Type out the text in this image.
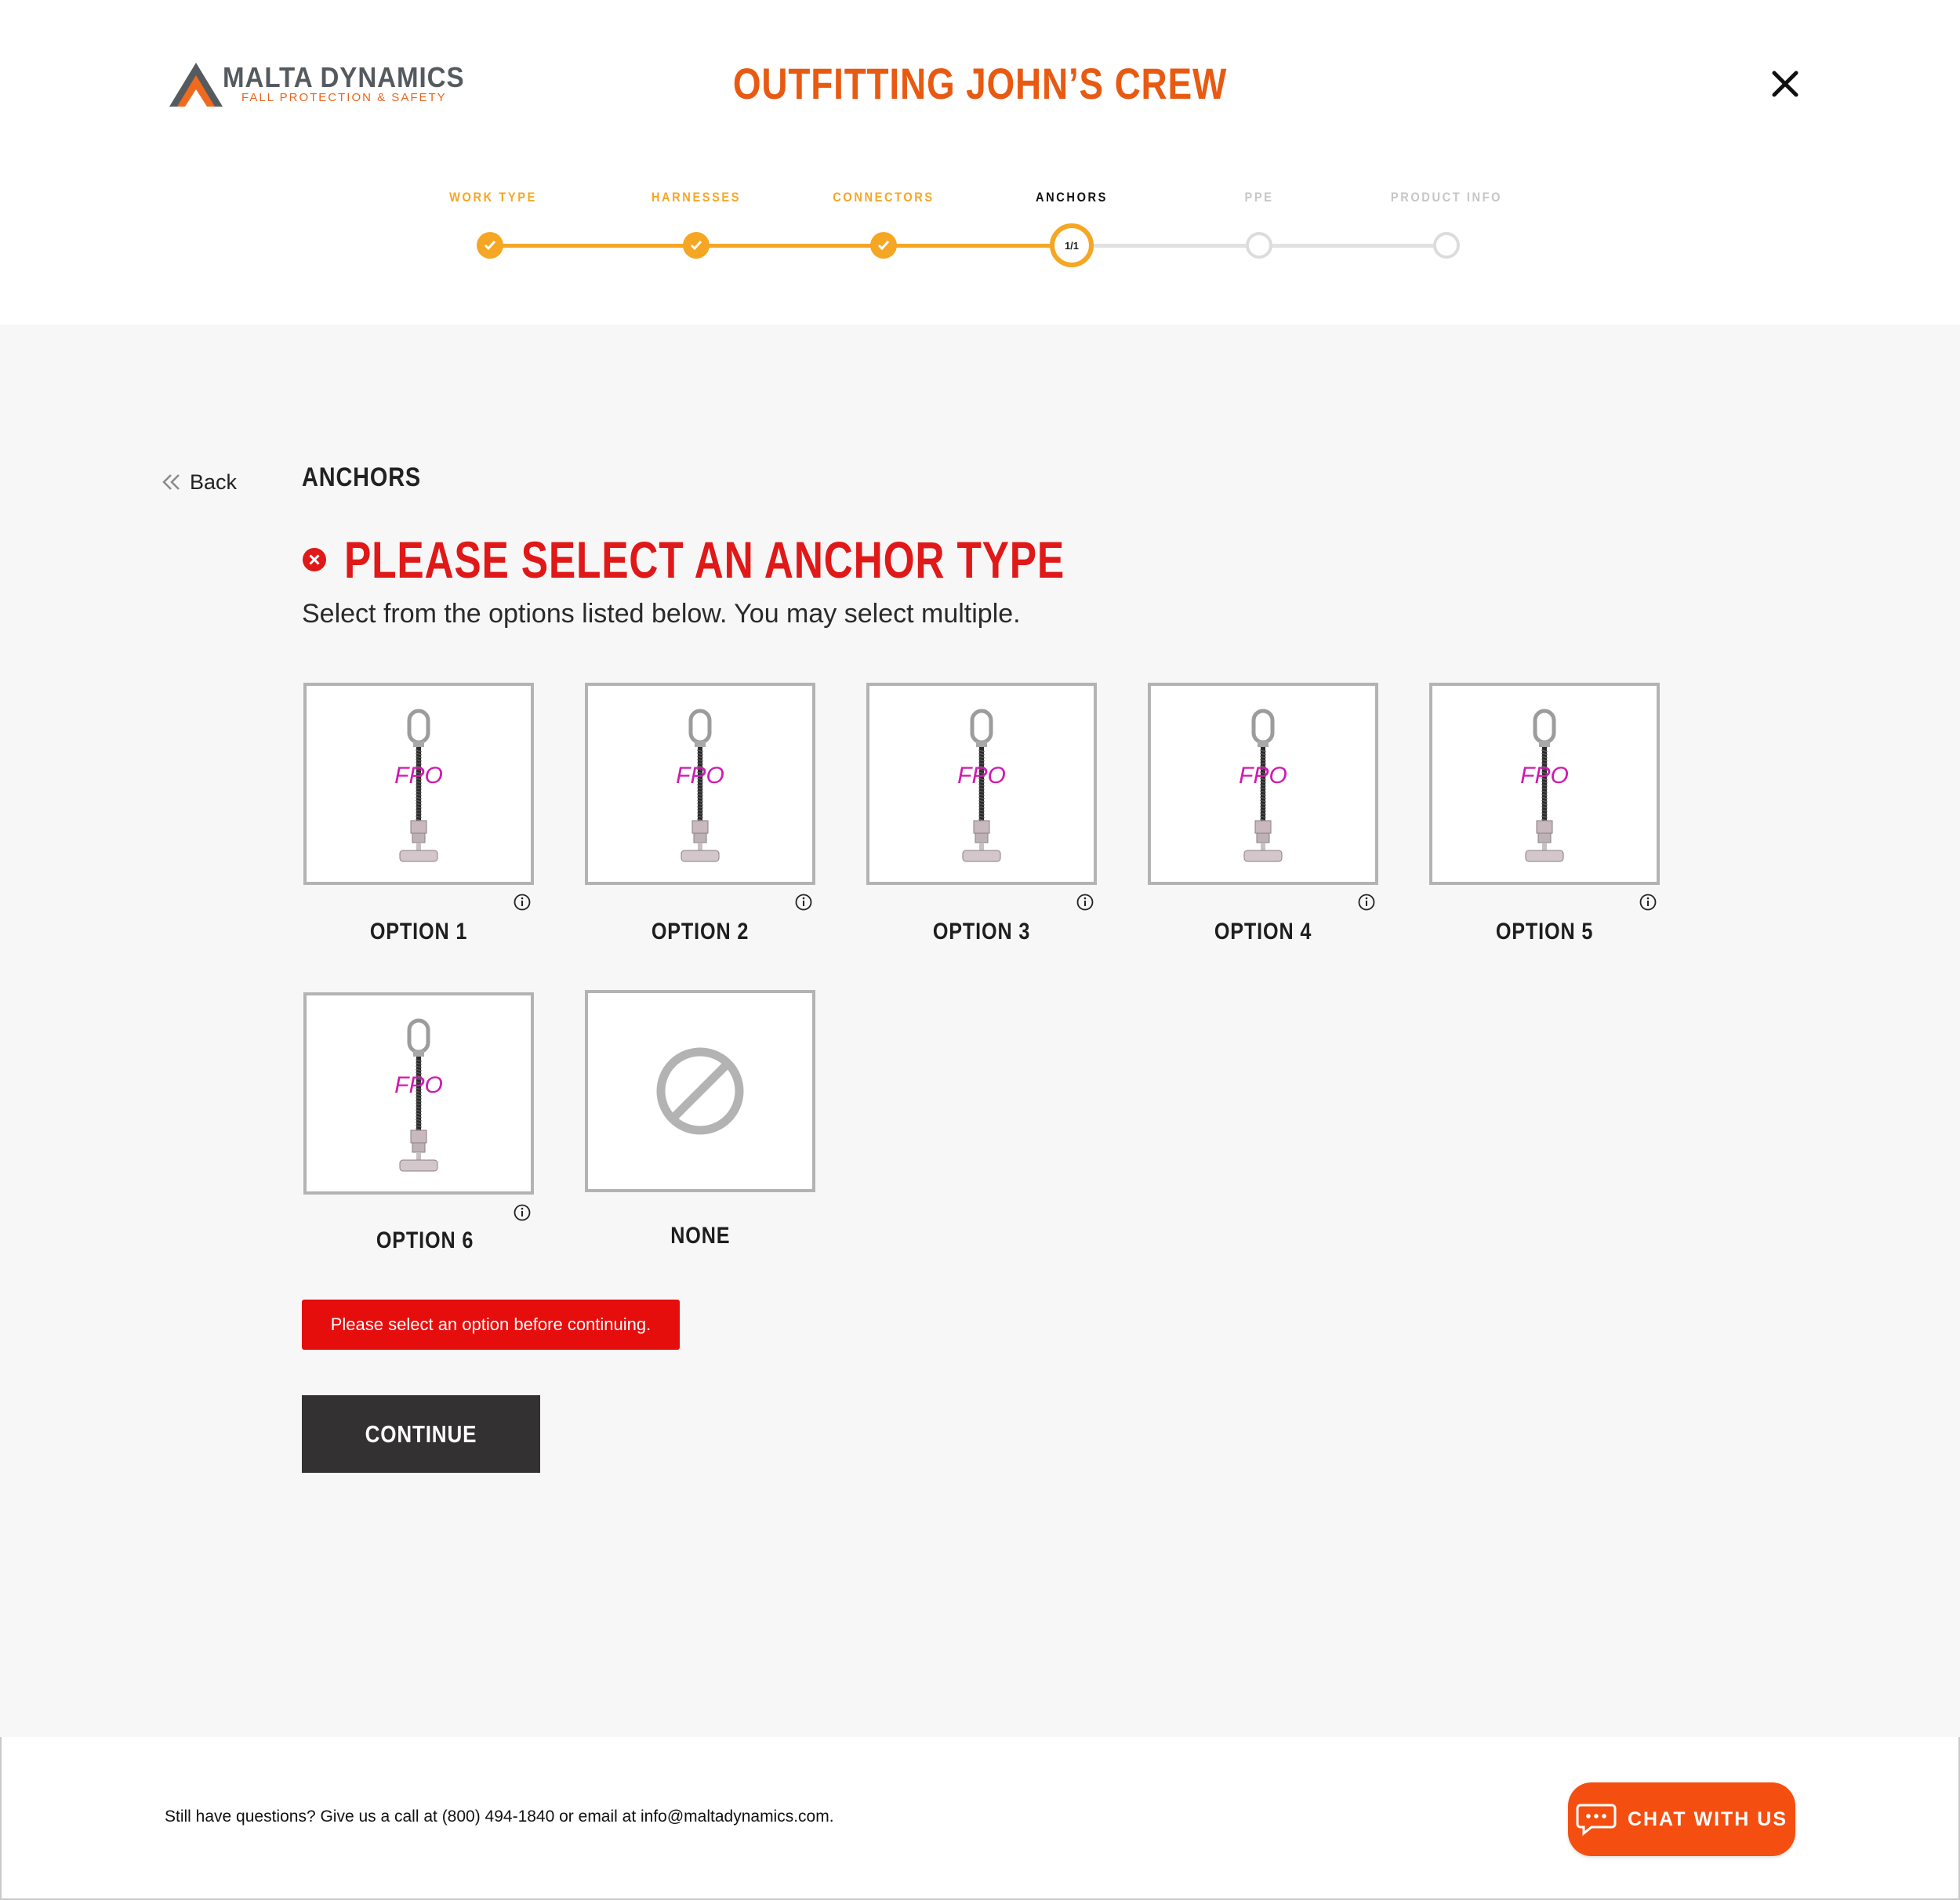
MALTA DYNAMICS
FALL PROTECTION & SAFETY	OUTFITTING JOHN’S CREW
WORK TYPE	HARNESSES	CONNECTORS	ANCHORS	PPE	PRODUCT INFO
1/1
Back ANCHORS
PLEASE SELECT AN ANCHOR TYPE
Select from the options listed below. You may select multiple.
FPO
OPTION 1
FPO
OPTION 2
FPO
OPTION 3
FPO
OPTION 4
FPO
OPTION 5
FPO
OPTION 6	NONE
Please select an option before continuing.
CONTINUE
Still have questions? Give us a call at (800) 494-1840 or email at info@maltadynamics.com.	CHAT WITH US
